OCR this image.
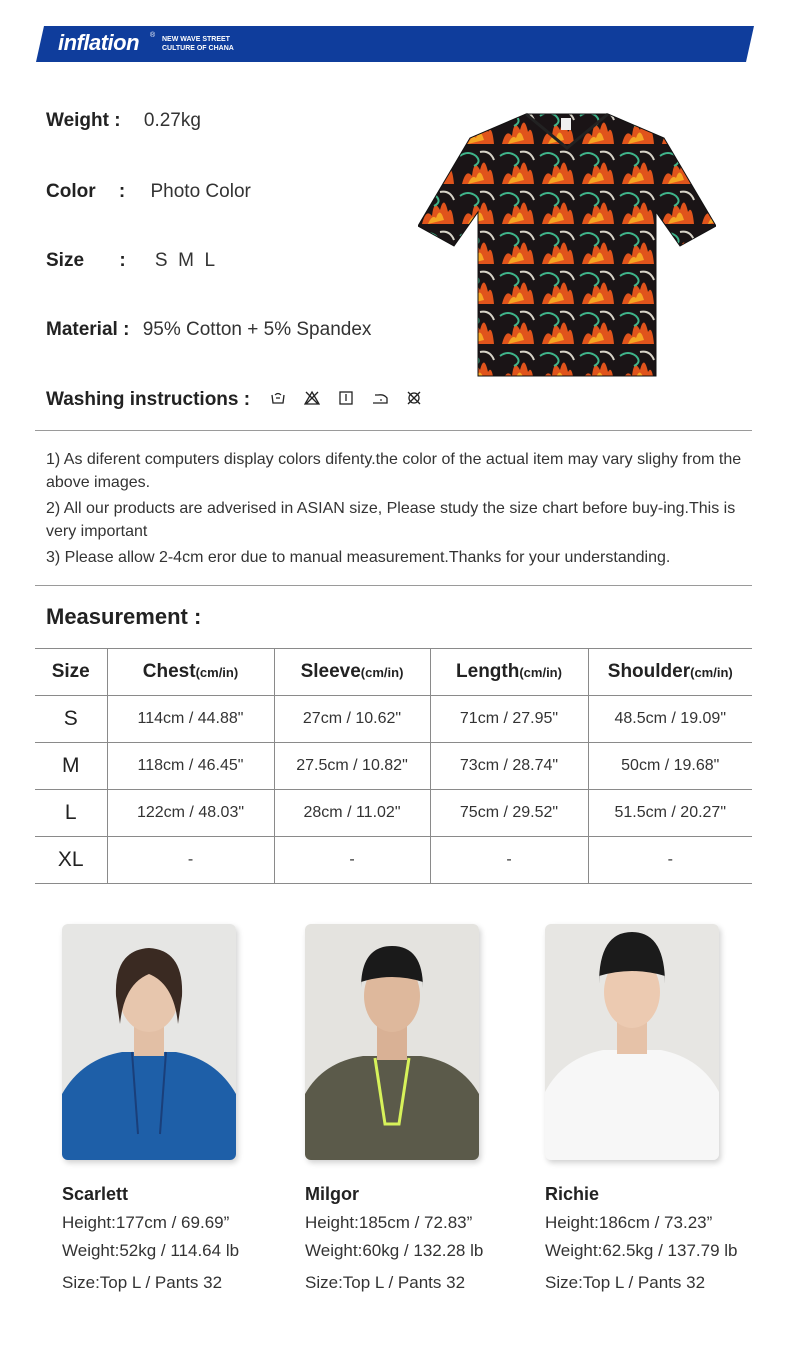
inflation ®
NEW WAVE STREET
CULTURE OF CHANA
Weight : 0.27kg
Color : Photo Color
Size : S  M  L
Material : 95% Cotton + 5% Spandex
Washing instructions :

1) As diferent computers display colors difenty.the color of the actual item may vary slighy from the above images.

2) All our products are adverised in ASIAN size, Please study the size chart before buy-ing.This is very important

3) Please allow 2-4cm eror due to manual measurement.Thanks for your understanding.

Measurement :
Size	Chest(cm/in)	Sleeve(cm/in)	Length(cm/in)	Shoulder(cm/in)
S	114cm / 44.88"	27cm / 10.62"	71cm / 27.95"	48.5cm / 19.09"
M	118cm / 46.45"	27.5cm / 10.82"	73cm / 28.74"	50cm / 19.68"
L	122cm / 48.03"	28cm / 11.02"	75cm / 29.52"	51.5cm / 20.27"
XL	-	-	-	-
Scarlett
Height:177cm / 69.69”
Weight:52kg / 114.64 lb
Size:Top L / Pants 32
Milgor
Height:185cm / 72.83”
Weight:60kg / 132.28 lb
Size:Top L / Pants 32
Richie
Height:186cm / 73.23”
Weight:62.5kg / 137.79 lb
Size:Top L / Pants 32
